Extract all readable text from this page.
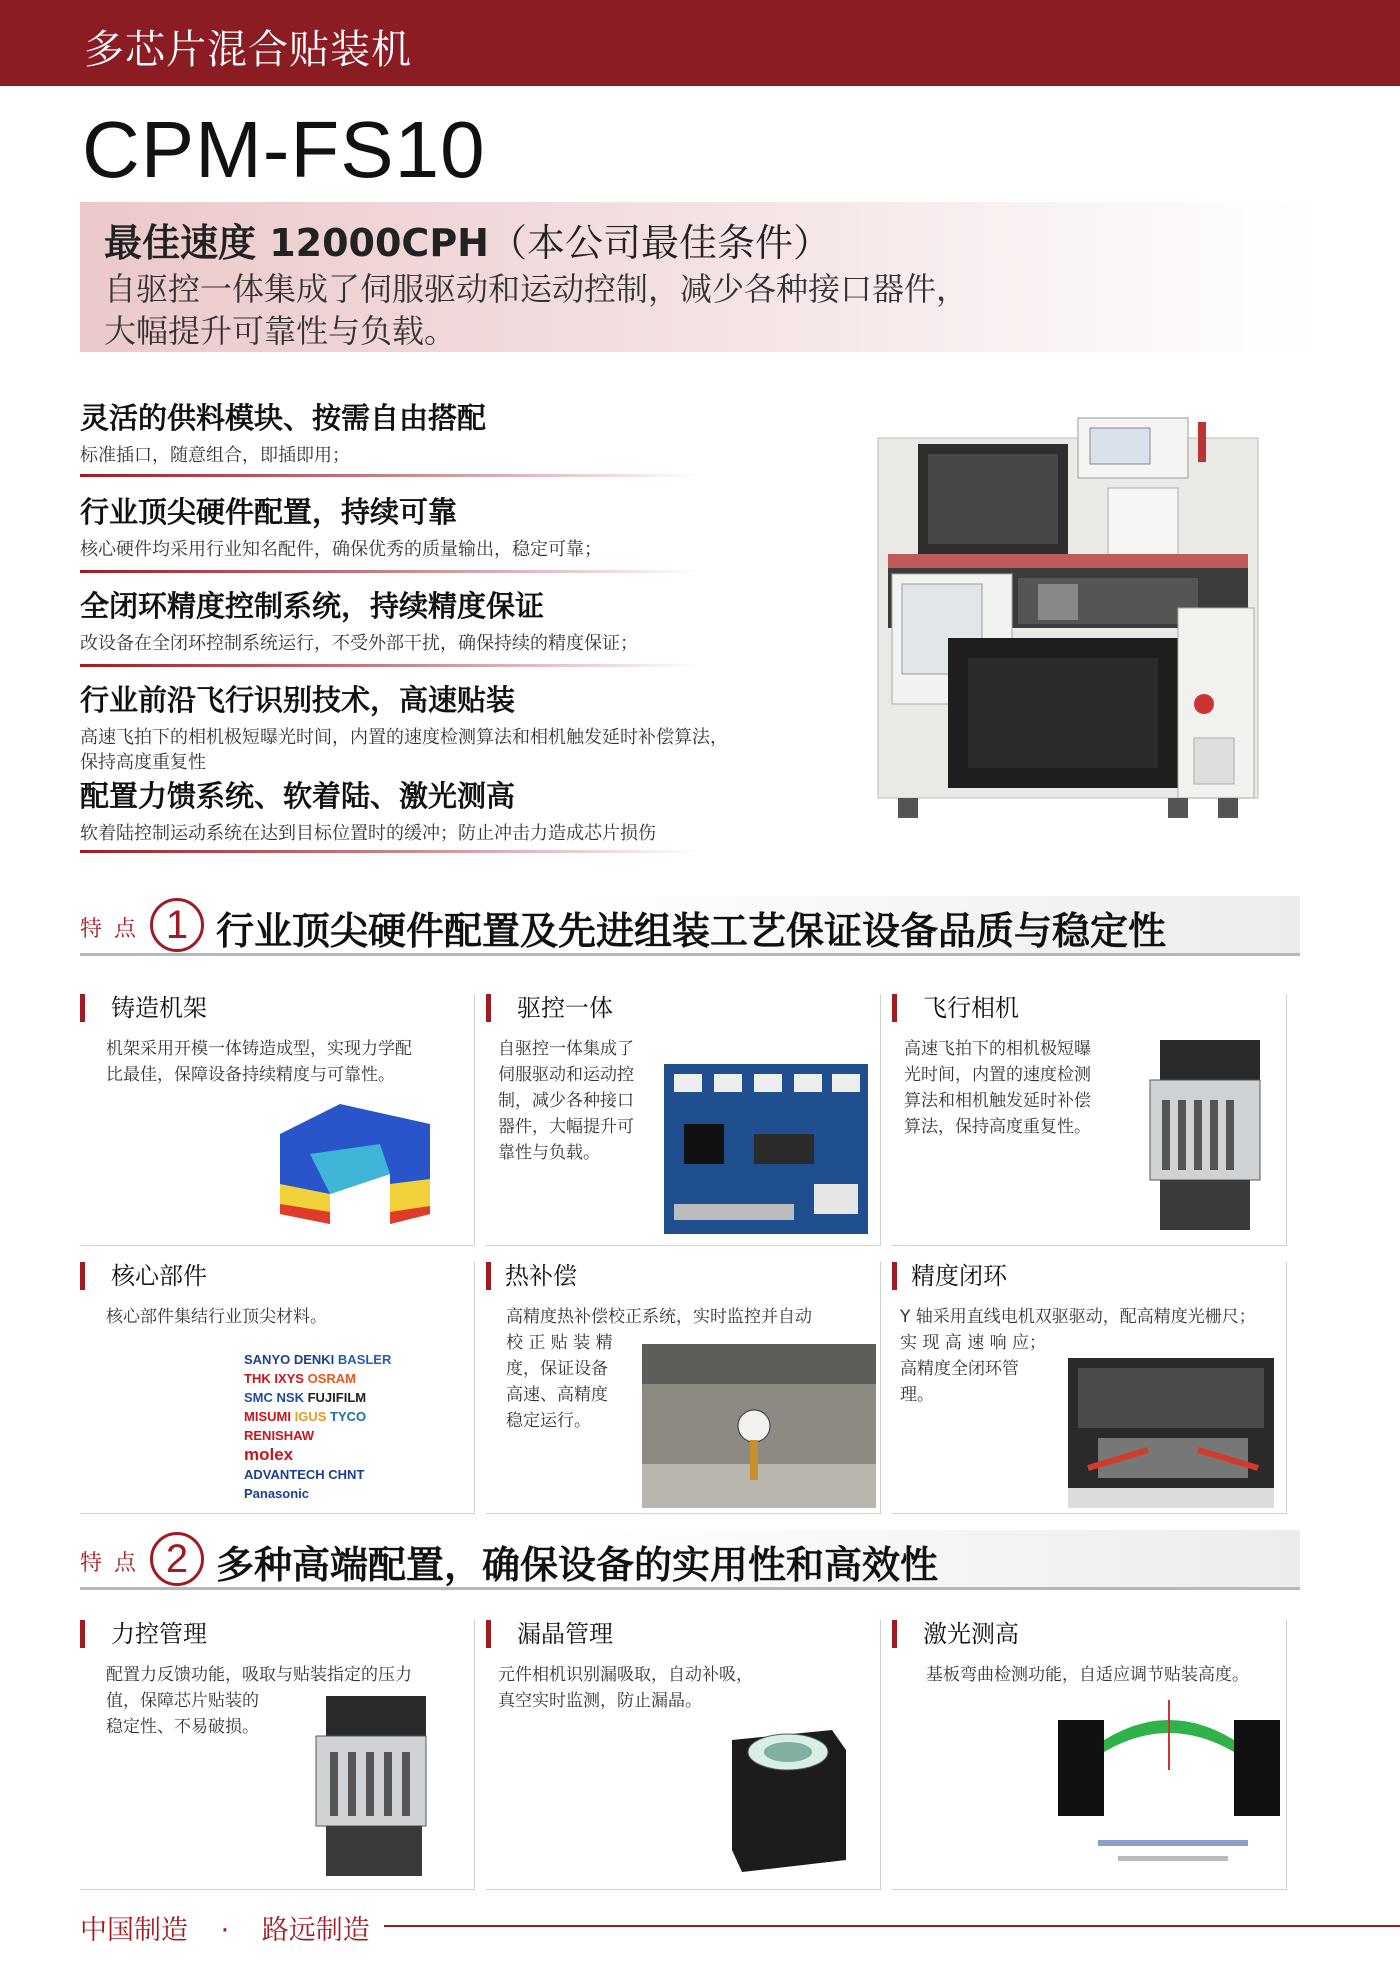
多芯片混合贴装机
CPM-FS10
最佳速度 12000CPH（本公司最佳条件）
自驱控一体集成了伺服驱动和运动控制，减少各种接口器件，
大幅提升可靠性与负载。
灵活的供料模块、按需自由搭配
标准插口，随意组合，即插即用；
行业顶尖硬件配置，持续可靠
核心硬件均采用行业知名配件，确保优秀的质量输出，稳定可靠；
全闭环精度控制系统，持续精度保证
改设备在全闭环控制系统运行，不受外部干扰，确保持续的精度保证；
行业前沿飞行识别技术，高速贴装
高速飞拍下的相机极短曝光时间，内置的速度检测算法和相机触发延时补偿算法，
保持高度重复性
配置力馈系统、软着陆、激光测高
软着陆控制运动系统在达到目标位置时的缓冲；防止冲击力造成芯片损伤
特点 1 行业顶尖硬件配置及先进组装工艺保证设备品质与稳定性
铸造机架
机架采用开模一体铸造成型，实现力学配
比最佳，保障设备持续精度与可靠性。
驱控一体
自驱控一体集成了
伺服驱动和运动控
制，减少各种接口
器件，大幅提升可
靠性与负载。
飞行相机
高速飞拍下的相机极短曝
光时间，内置的速度检测
算法和相机触发延时补偿
算法，保持高度重复性。
核心部件
核心部件集结行业顶尖材料。
SANYO DENKI BASLER
THK IXYS OSRAM
SMC NSK FUJIFILM
MISUMI IGUS TYCO
RENISHAW
molex
ADVANTECH CHNT
Panasonic
热补偿
高精度热补偿校正系统，实时监控并自动
校 正 贴 装 精
度，保证设备
高速、高精度
稳定运行。
精度闭环
Y 轴采用直线电机双驱驱动，配高精度光栅尺；
实 现 高 速 响 应；
高精度全闭环管
理。
特点 2 多种高端配置，确保设备的实用性和高效性
力控管理
配置力反馈功能，吸取与贴装指定的压力
值，保障芯片贴装的
稳定性、不易破损。
漏晶管理
元件相机识别漏吸取，自动补吸，
真空实时监测，防止漏晶。
激光测高
基板弯曲检测功能，自适应调节贴装高度。
中国制造 · 路远制造
